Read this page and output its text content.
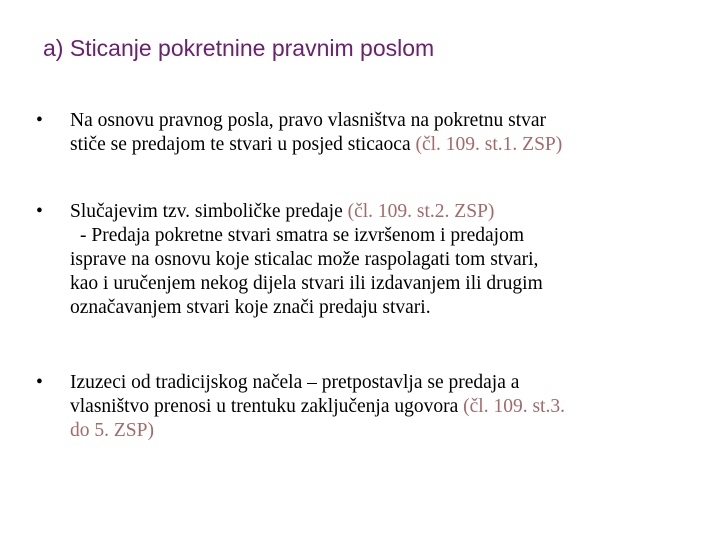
a) Sticanje pokretnine pravnim poslom
•	Na osnovu pravnog posla, pravo vlasništva na pokretnu stvar
stiče se predajom te stvari u posjed sticaoca (čl. 109. st.1. ZSP)
•	Slučajevim tzv. simboličke predaje (čl. 109. st.2. ZSP)
- Predaja pokretne stvari smatra se izvršenom i predajom
isprave na osnovu koje sticalac može raspolagati tom stvari,
kao i uručenjem nekog dijela stvari ili izdavanjem ili drugim
označavanjem stvari koje znači predaju stvari.
•	Izuzeci od tradicijskog načela – pretpostavlja se predaja a
vlasništvo prenosi u trentuku zaključenja ugovora (čl. 109. st.3.
do 5. ZSP)
